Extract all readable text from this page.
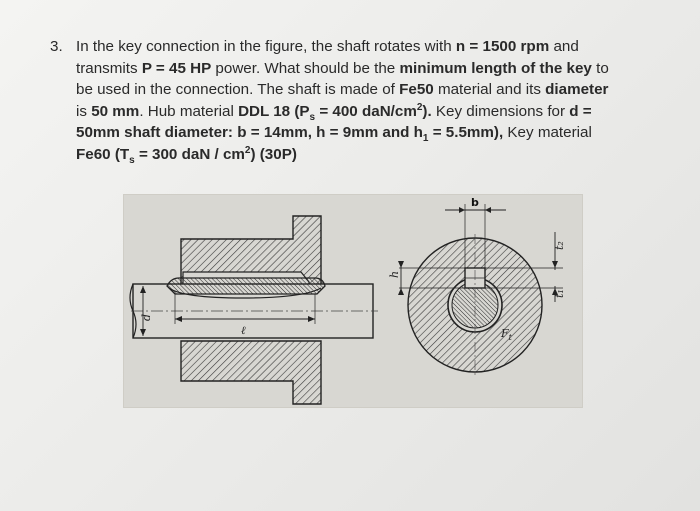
3. In the key connection in the figure, the shaft rotates with n = 1500 rpm and
transmits P = 45 HP power. What should be the minimum length of the key to
be used in the connection. The shaft is made of Fe50 material and its diameter
is 50 mm. Hub material DDL 18 ($P_s = 400$ daN/$cm^2$). Key dimensions for d =
50mm shaft diameter: b = 14mm, h = 9mm and $h_1 = 5.5mm$), Key material
Fe60 ($T_s = 300$ daN / $cm^2$) (30P)
d
ℓ
b
h
t₂
t₁
$F_t$
